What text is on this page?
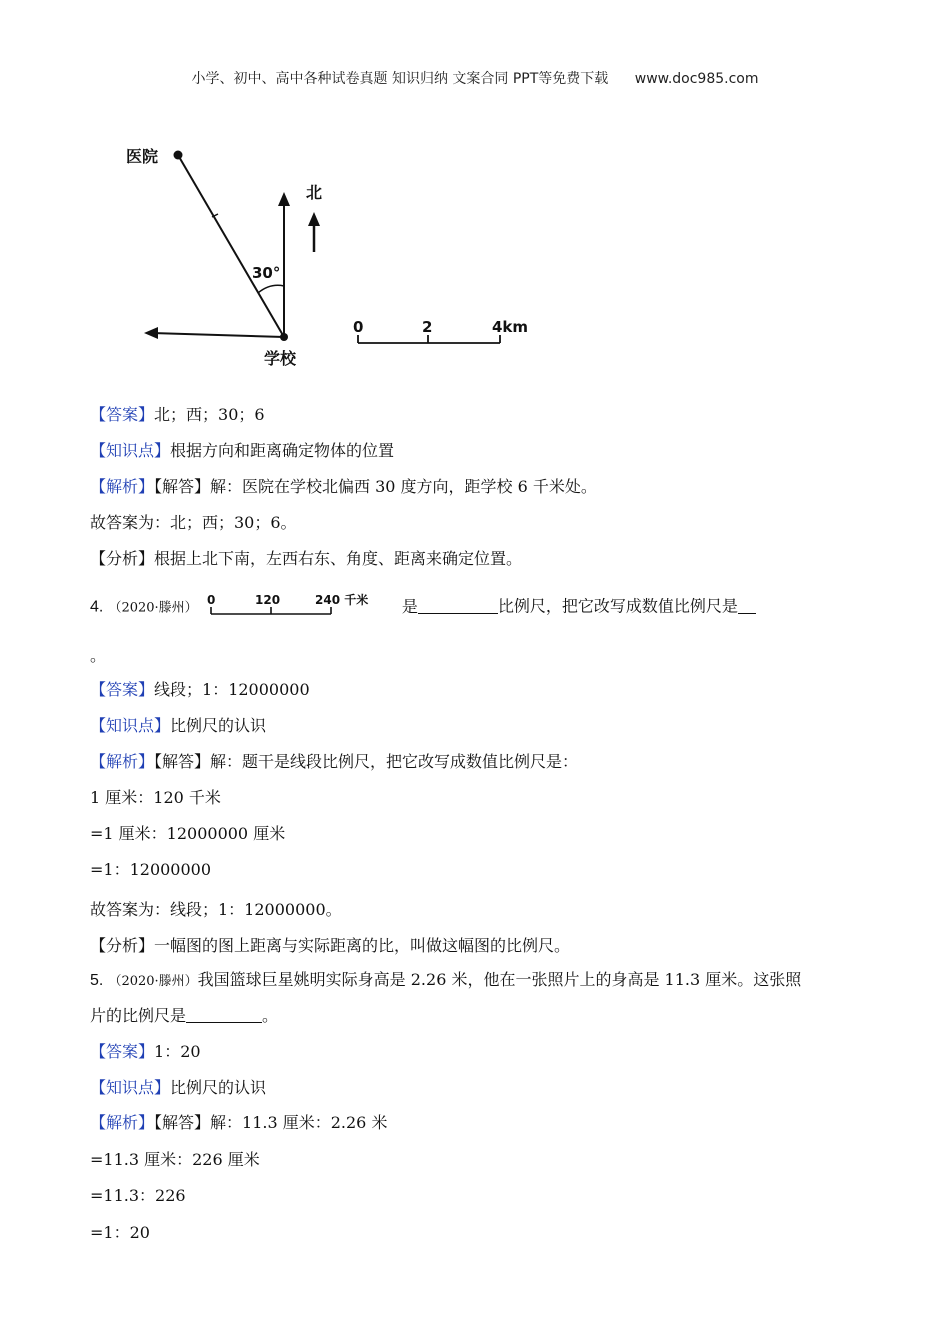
小学、初中、高中各种试卷真题 知识归纳 文案合同 PPT等免费下载 www.doc985.com
医院
北
30°
学校
0	2	4km
【答案】北；西；30；6
【知识点】根据方向和距离确定物体的位置
【解析】【解答】解：医院在学校北偏西 30 度方向，距学校 6 千米处。
故答案为：北；西；30；6。
【分析】根据上北下南，左西右东、角度、距离来确定位置。
4. （2020·滕州）
0	120	240 千米 是	比例尺，把它改写成数值比例尺是
。
【答案】线段；1：12000000
【知识点】比例尺的认识
【解析】【解答】解：题干是线段比例尺，把它改写成数值比例尺是：
1 厘米：120 千米
=1 厘米：12000000 厘米
=1：12000000
故答案为：线段；1：12000000。
【分析】一幅图的图上距离与实际距离的比，叫做这幅图的比例尺。
5. （2020·滕州）我国篮球巨星姚明实际身高是 2.26 米，他在一张照片上的身高是 11.3 厘米。这张照
片的比例尺是	。
【答案】1：20
【知识点】比例尺的认识
【解析】【解答】解：11.3 厘米：2.26 米
=11.3 厘米：226 厘米
=11.3：226
=1：20
